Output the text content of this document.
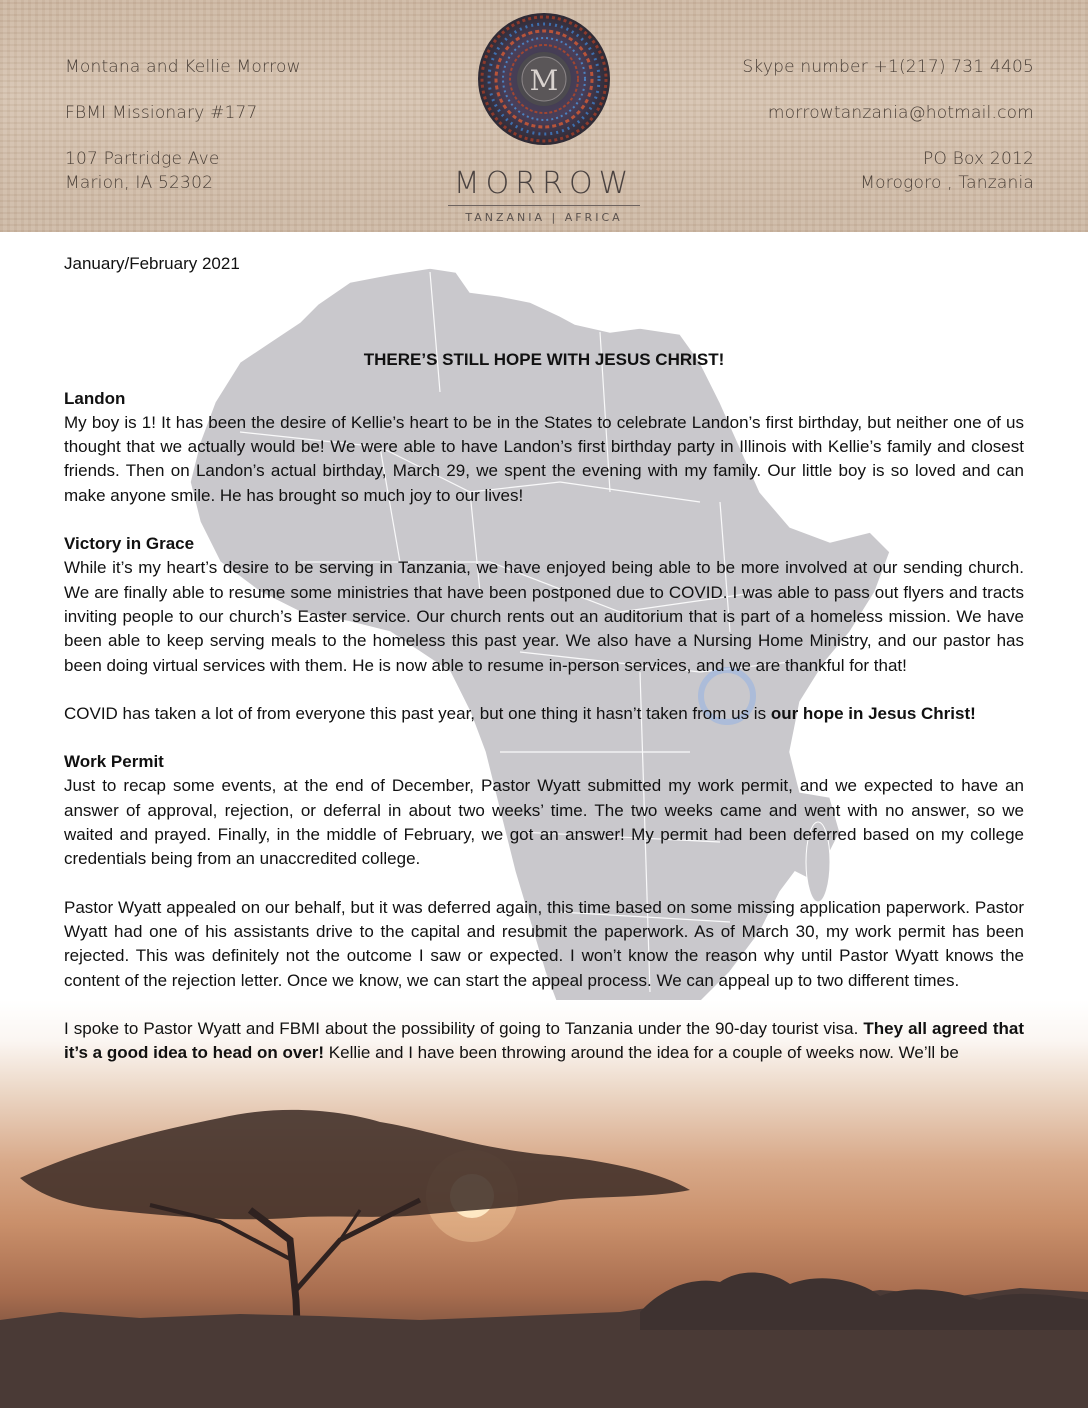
Montana and Kellie Morrow

FBMI Missionary #177

107 Partridge Ave

Marion, IA 52302

M
MORROW
TANZANIA | AFRICA

Skype number +1(217) 731 4405

morrowtanzania@hotmail.com

PO Box 2012

Morogoro , Tanzania

January/February 2021

THERE’S STILL HOPE WITH JESUS CHRIST!

Landon

My boy is 1! It has been the desire of Kellie’s heart to be in the States to celebrate Landon’s first birthday, but neither one of us thought that we actually would be! We were able to have Landon’s first birthday party in Illinois with Kellie’s family and closest friends. Then on Landon’s actual birthday, March 29, we spent the evening with my family. Our little boy is so loved and can make anyone smile. He has brought so much joy to our lives!

Victory in Grace

While it’s my heart’s desire to be serving in Tanzania, we have enjoyed being able to be more involved at our sending church. We are finally able to resume some ministries that have been postponed due to COVID. I was able to pass out flyers and tracts inviting people to our church’s Easter service. Our church rents out an auditorium that is part of a homeless mission. We have been able to keep serving meals to the homeless this past year. We also have a Nursing Home Ministry, and our pastor has been doing virtual services with them. He is now able to resume in-person services, and we are thankful for that!

COVID has taken a lot of from everyone this past year, but one thing it hasn’t taken from us is our hope in Jesus Christ!

Work Permit

Just to recap some events, at the end of December, Pastor Wyatt submitted my work permit, and we expected to have an answer of approval, rejection, or deferral in about two weeks’ time. The two weeks came and went with no answer, so we waited and prayed. Finally, in the middle of February, we got an answer! My permit had been deferred based on my college credentials being from an unaccredited college.

Pastor Wyatt appealed on our behalf, but it was deferred again, this time based on some missing application paperwork. Pastor Wyatt had one of his assistants drive to the capital and resubmit the paperwork. As of March 30, my work permit has been rejected. This was definitely not the outcome I saw or expected. I won’t know the reason why until Pastor Wyatt knows the content of the rejection letter. Once we know, we can start the appeal process. We can appeal up to two different times.

I spoke to Pastor Wyatt and FBMI about the possibility of going to Tanzania under the 90-day tourist visa. They all agreed that it’s a good idea to head on over! Kellie and I have been throwing around the idea for a couple of weeks now. We’ll be
